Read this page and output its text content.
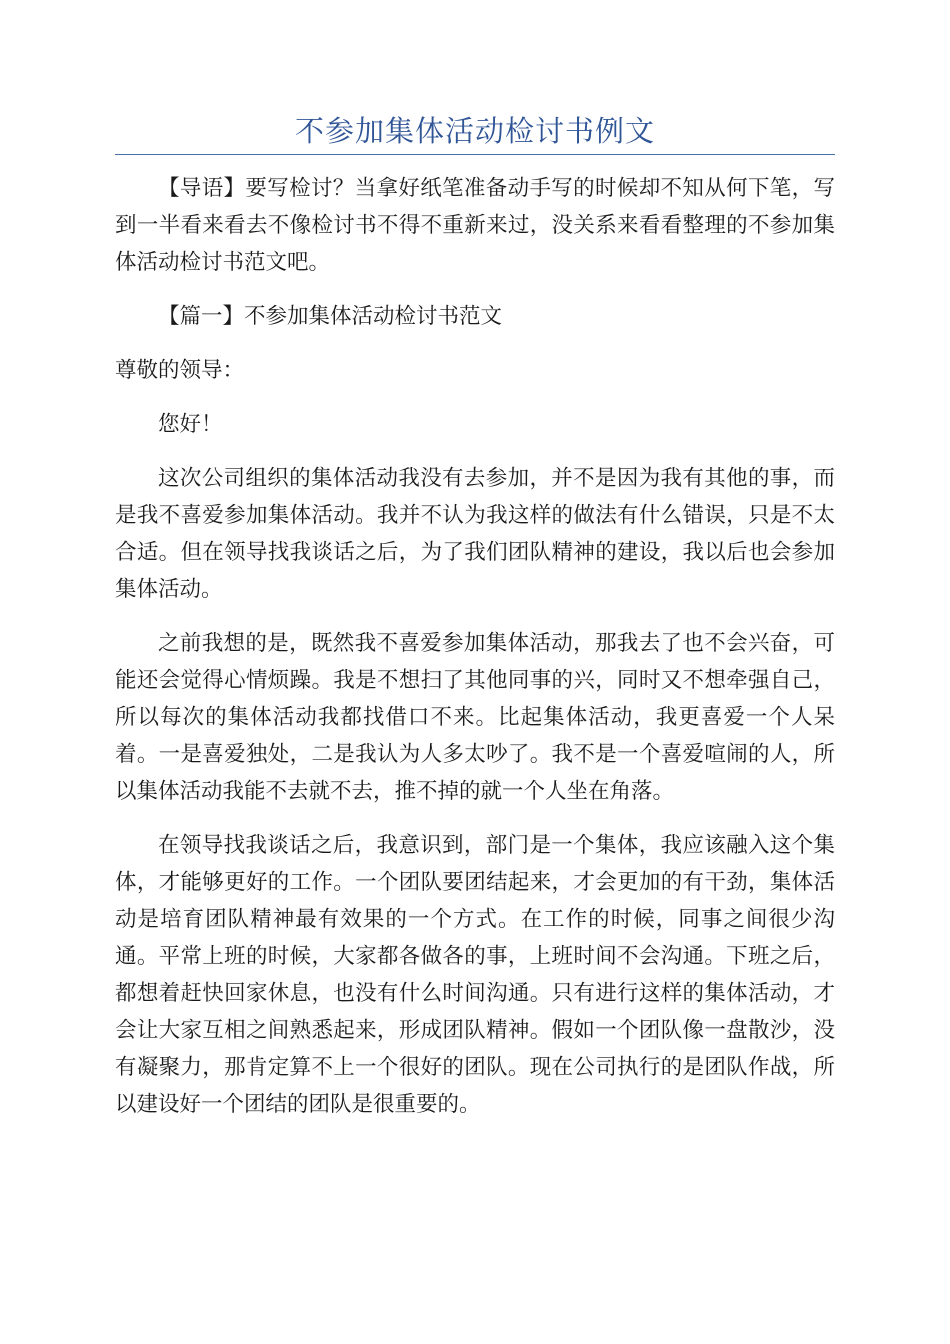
不参加集体活动检讨书例文

【导语】要写检讨？当拿好纸笔准备动手写的时候却不知从何下笔，写到一半看来看去不像检讨书不得不重新来过，没关系来看看整理的不参加集体活动检讨书范文吧。

【篇一】不参加集体活动检讨书范文

尊敬的领导：

您好！

这次公司组织的集体活动我没有去参加，并不是因为我有其他的事，而是我不喜爱参加集体活动。我并不认为我这样的做法有什么错误，只是不太合适。但在领导找我谈话之后，为了我们团队精神的建设，我以后也会参加集体活动。

之前我想的是，既然我不喜爱参加集体活动，那我去了也不会兴奋，可能还会觉得心情烦躁。我是不想扫了其他同事的兴，同时又不想牵强自己，所以每次的集体活动我都找借口不来。比起集体活动，我更喜爱一个人呆着。一是喜爱独处，二是我认为人多太吵了。我不是一个喜爱喧闹的人，所以集体活动我能不去就不去，推不掉的就一个人坐在角落。

在领导找我谈话之后，我意识到，部门是一个集体，我应该融入这个集体，才能够更好的工作。一个团队要团结起来，才会更加的有干劲，集体活动是培育团队精神最有效果的一个方式。在工作的时候，同事之间很少沟通。平常上班的时候，大家都各做各的事，上班时间不会沟通。下班之后，都想着赶快回家休息，也没有什么时间沟通。只有进行这样的集体活动，才会让大家互相之间熟悉起来，形成团队精神。假如一个团队像一盘散沙，没有凝聚力，那肯定算不上一个很好的团队。现在公司执行的是团队作战，所以建设好一个团结的团队是很重要的。
